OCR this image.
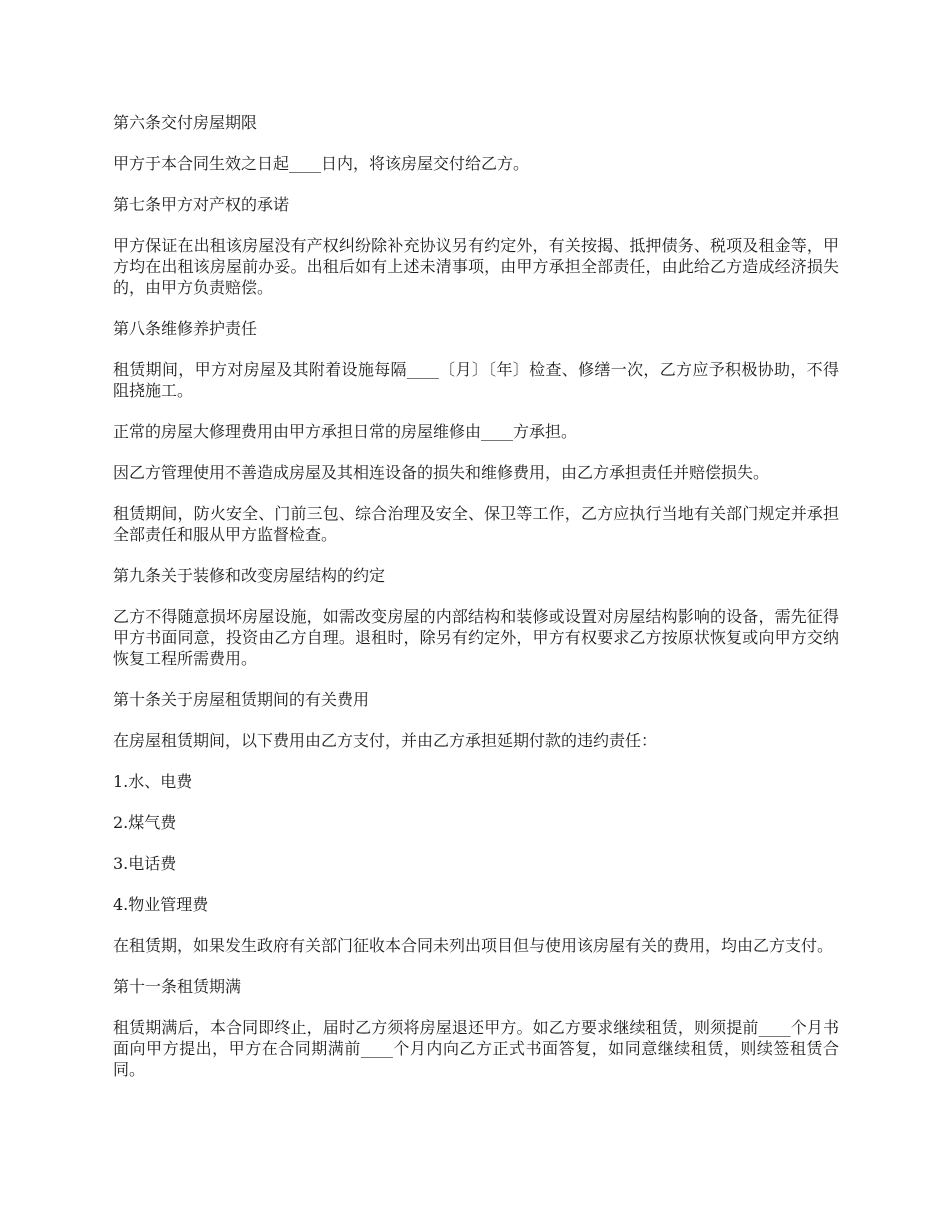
第六条交付房屋期限

甲方于本合同生效之日起____日内，将该房屋交付给乙方。

第七条甲方对产权的承诺

甲方保证在出租该房屋没有产权纠纷除补充协议另有约定外，有关按揭、抵押债务、税项及租金等，甲方均在出租该房屋前办妥。出租后如有上述未清事项，由甲方承担全部责任，由此给乙方造成经济损失的，由甲方负责赔偿。

第八条维修养护责任

租赁期间，甲方对房屋及其附着设施每隔____〔月〕〔年〕检查、修缮一次，乙方应予积极协助，不得阻挠施工。

正常的房屋大修理费用由甲方承担日常的房屋维修由____方承担。

因乙方管理使用不善造成房屋及其相连设备的损失和维修费用，由乙方承担责任并赔偿损失。

租赁期间，防火安全、门前三包、综合治理及安全、保卫等工作，乙方应执行当地有关部门规定并承担全部责任和服从甲方监督检查。

第九条关于装修和改变房屋结构的约定

乙方不得随意损坏房屋设施，如需改变房屋的内部结构和装修或设置对房屋结构影响的设备，需先征得甲方书面同意，投资由乙方自理。退租时，除另有约定外，甲方有权要求乙方按原状恢复或向甲方交纳恢复工程所需费用。

第十条关于房屋租赁期间的有关费用

在房屋租赁期间，以下费用由乙方支付，并由乙方承担延期付款的违约责任：

1.水、电费

2.煤气费

3.电话费

4.物业管理费

在租赁期，如果发生政府有关部门征收本合同未列出项目但与使用该房屋有关的费用，均由乙方支付。

第十一条租赁期满

租赁期满后，本合同即终止，届时乙方须将房屋退还甲方。如乙方要求继续租赁，则须提前____个月书面向甲方提出，甲方在合同期满前____个月内向乙方正式书面答复，如同意继续租赁，则续签租赁合同。
